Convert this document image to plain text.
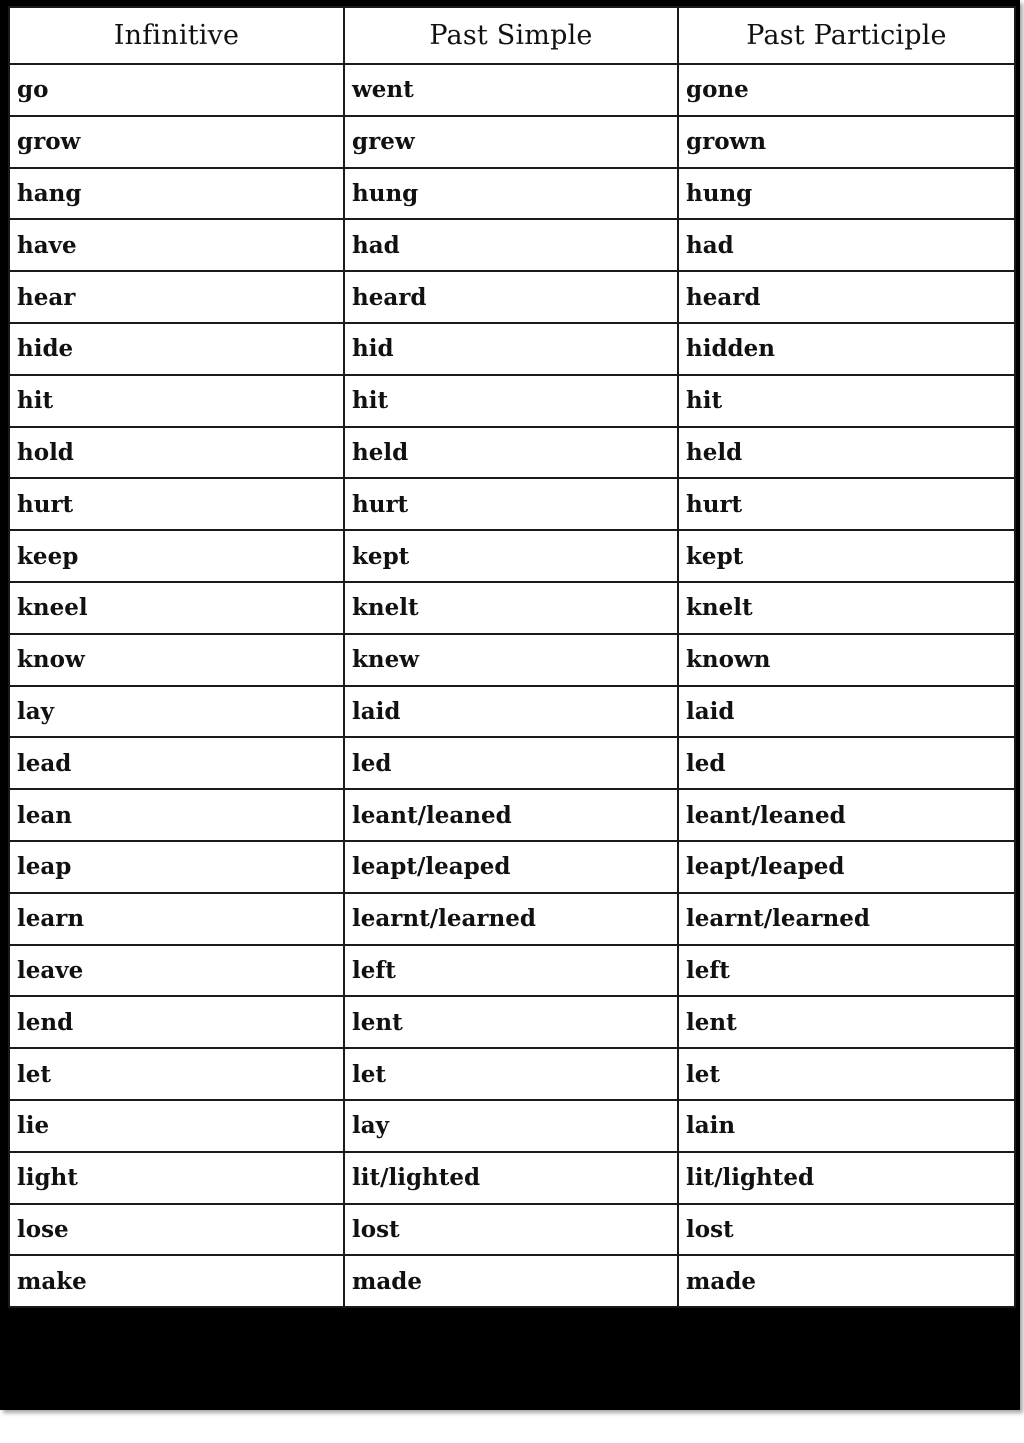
Infinitive	Past Simple	Past Participle
go	went	gone
grow	grew	grown
hang	hung	hung
have	had	had
hear	heard	heard
hide	hid	hidden
hit	hit	hit
hold	held	held
hurt	hurt	hurt
keep	kept	kept
kneel	knelt	knelt
know	knew	known
lay	laid	laid
lead	led	led
lean	leant/leaned	leant/leaned
leap	leapt/leaped	leapt/leaped
learn	learnt/learned	learnt/learned
leave	left	left
lend	lent	lent
let	let	let
lie	lay	lain
light	lit/lighted	lit/lighted
lose	lost	lost
make	made	made
